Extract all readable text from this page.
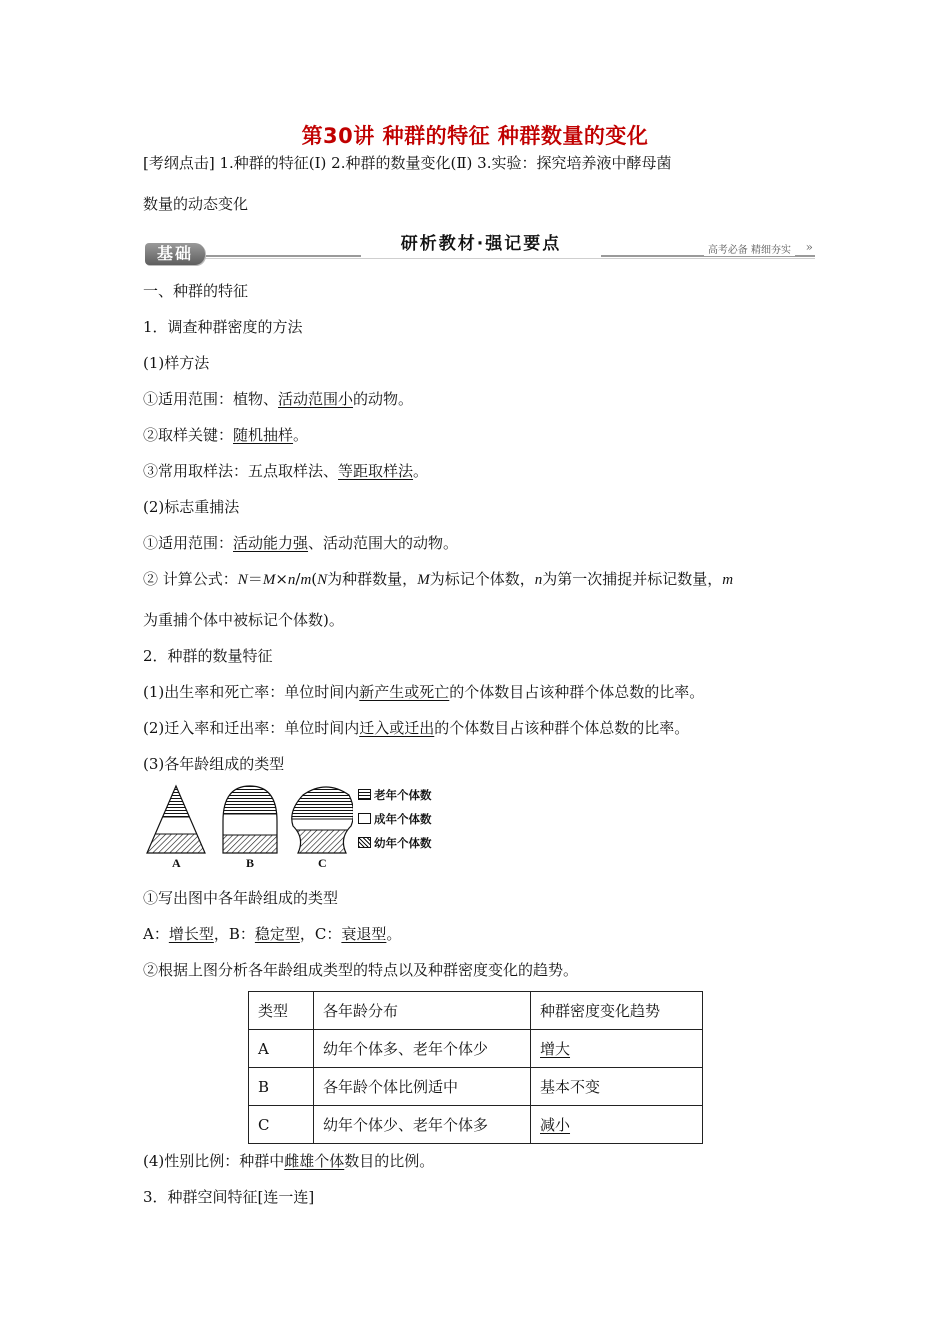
第30讲 种群的特征 种群数量的变化
[考纲点击] 1.种群的特征(Ⅰ) 2.种群的数量变化(Ⅱ) 3.实验：探究培养液中酵母菌
数量的动态变化
基础	研析教材·强记要点	高考必备 精细夯实	»
一、种群的特征
1．调查种群密度的方法
(1)样方法
①适用范围：植物、活动范围小的动物。
②取样关键：随机抽样。
③常用取样法：五点取样法、等距取样法。
(2)标志重捕法
①适用范围：活动能力强、活动范围大的动物。
② 计算公式：N＝M×n/m(N为种群数量，M为标记个体数，n为第一次捕捉并标记数量，m
为重捕个体中被标记个体数)。
2．种群的数量特征
(1)出生率和死亡率：单位时间内新产生或死亡的个体数目占该种群个体总数的比率。
(2)迁入率和迁出率：单位时间内迁入或迁出的个体数目占该种群个体总数的比率。
(3)各年龄组成的类型
A	B	C
老年个体数
成年个体数
幼年个体数
①写出图中各年龄组成的类型
A：增长型，B：稳定型，C：衰退型。
②根据上图分析各年龄组成类型的特点以及种群密度变化的趋势。
类型	各年龄分布	种群密度变化趋势
A	幼年个体多、老年个体少	增大
B	各年龄个体比例适中	基本不变
C	幼年个体少、老年个体多	减小
(4)性别比例：种群中雌雄个体数目的比例。
3．种群空间特征[连一连]
